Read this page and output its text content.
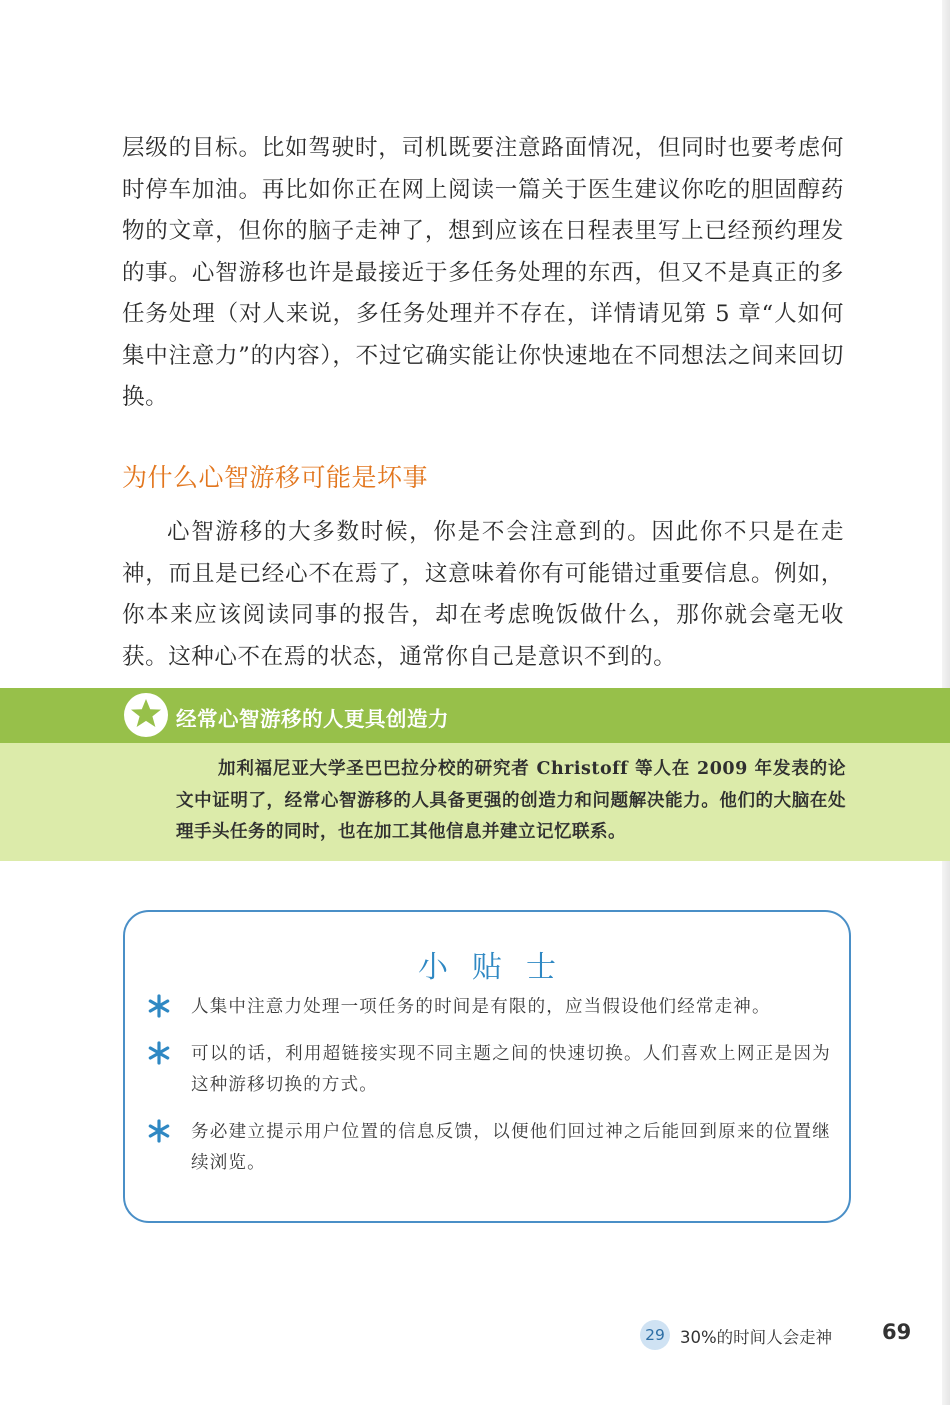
层级的目标。比如驾驶时，司机既要注意路面情况，但同时也要考虑何时停车加油。再比如你正在网上阅读一篇关于医生建议你吃的胆固醇药物的文章，但你的脑子走神了，想到应该在日程表里写上已经预约理发的事。心智游移也许是最接近于多任务处理的东西，但又不是真正的多任务处理（对人来说，多任务处理并不存在，详情请见第 5 章“人如何集中注意力”的内容），不过它确实能让你快速地在不同想法之间来回切换。

为什么心智游移可能是坏事

心智游移的大多数时候，你是不会注意到的。因此你不只是在走神，而且是已经心不在焉了，这意味着你有可能错过重要信息。例如，你本来应该阅读同事的报告，却在考虑晚饭做什么，那你就会毫无收获。这种心不在焉的状态，通常你自己是意识不到的。

经常心智游移的人更具创造力

加利福尼亚大学圣巴巴拉分校的研究者 Christoff 等人在 2009 年发表的论文中证明了，经常心智游移的人具备更强的创造力和问题解决能力。他们的大脑在处理手头任务的同时，也在加工其他信息并建立记忆联系。

小贴士
人集中注意力处理一项任务的时间是有限的，应当假设他们经常走神。
可以的话，利用超链接实现不同主题之间的快速切换。人们喜欢上网正是因为这种游移切换的方式。
务必建立提示用户位置的信息反馈，以便他们回过神之后能回到原来的位置继续浏览。
29 30%的时间人会走神 69
